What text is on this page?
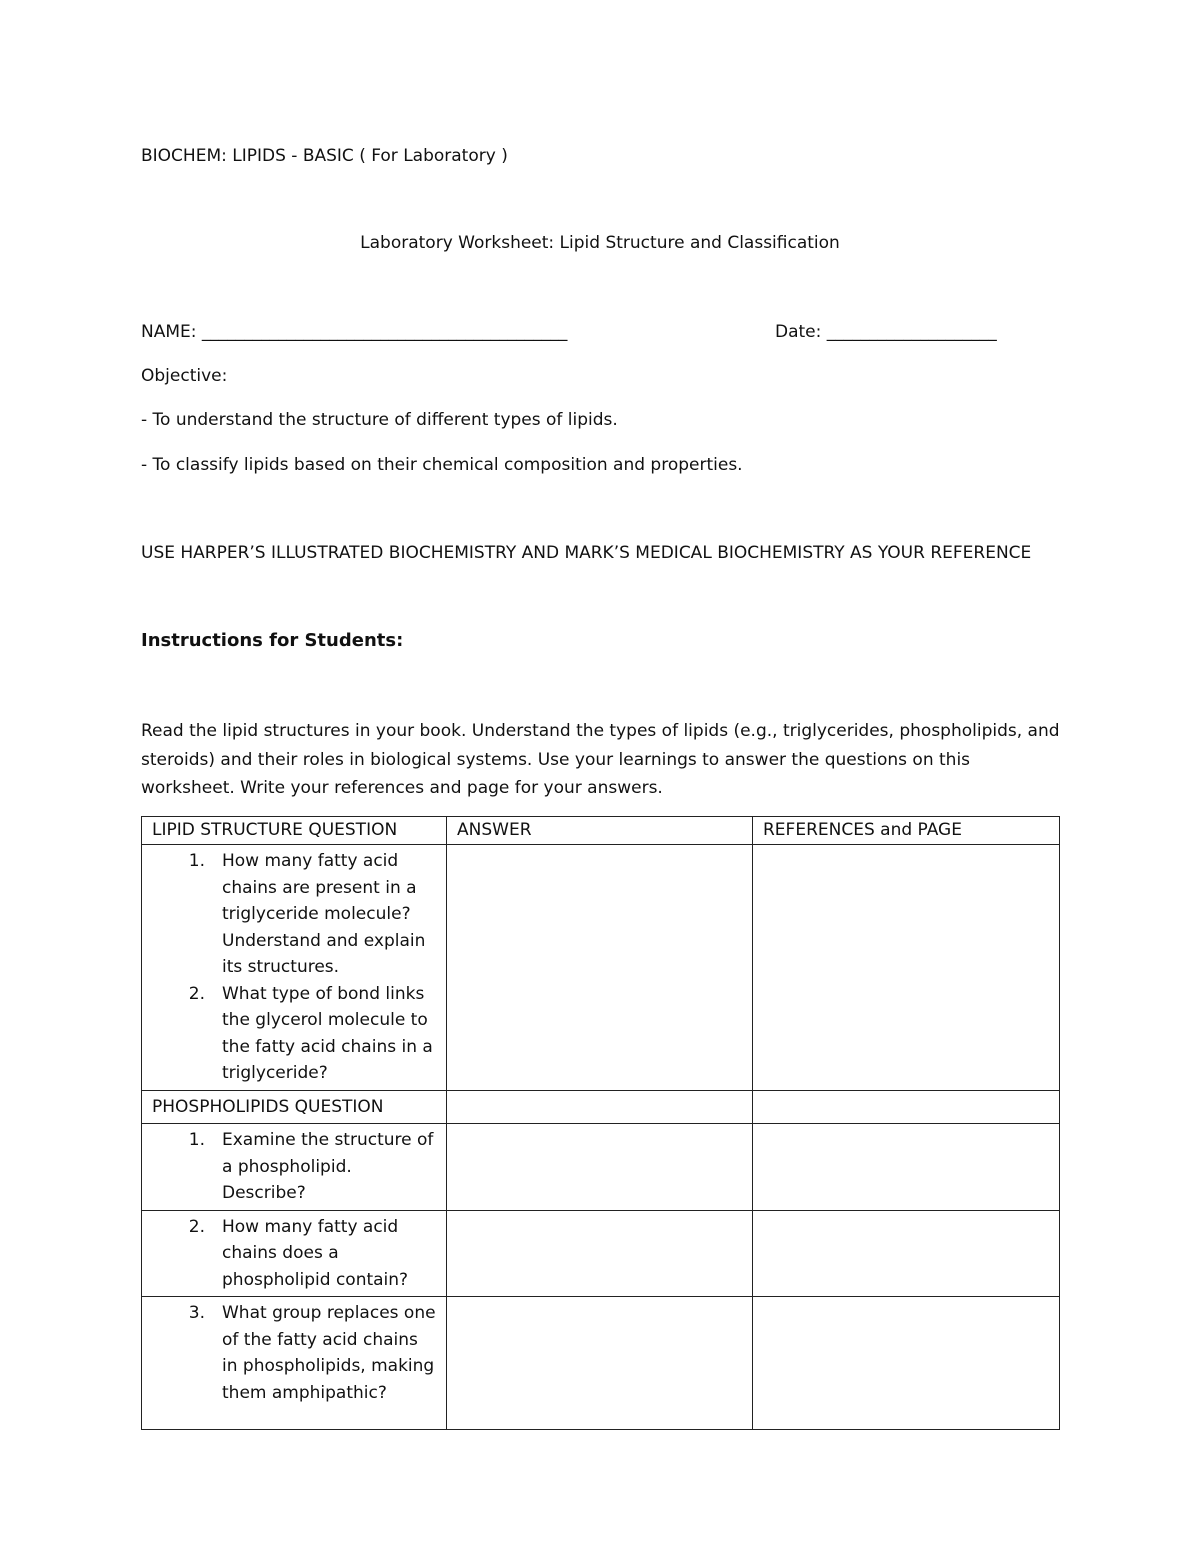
BIOCHEM: LIPIDS - BASIC ( For Laboratory )
Laboratory Worksheet: Lipid Structure and Classification
NAME: ___________________________________________	Date: ____________________
Objective:
- To understand the structure of different types of lipids.
- To classify lipids based on their chemical composition and properties.
USE HARPER’S ILLUSTRATED BIOCHEMISTRY AND MARK’S MEDICAL BIOCHEMISTRY AS YOUR REFERENCE
Instructions for Students:
Read the lipid structures in your book. Understand the types of lipids (e.g., triglycerides, phospholipids, and steroids) and their roles in biological systems. Use your learnings to answer the questions on this worksheet. Write your references and page for your answers.
LIPID STRUCTURE QUESTION	ANSWER	REFERENCES and PAGE

1. How many fatty acid chains are present in a triglyceride molecule? Understand and explain its structures.
2. What type of bond links the glycerol molecule to the fatty acid chains in a triglyceride?		

PHOSPHOLIPIDS QUESTION		

1. Examine the structure of a phospholipid. Describe?		

2. How many fatty acid chains does a phospholipid contain?		

3. What group replaces one of the fatty acid chains in phospholipids, making them amphipathic?		
